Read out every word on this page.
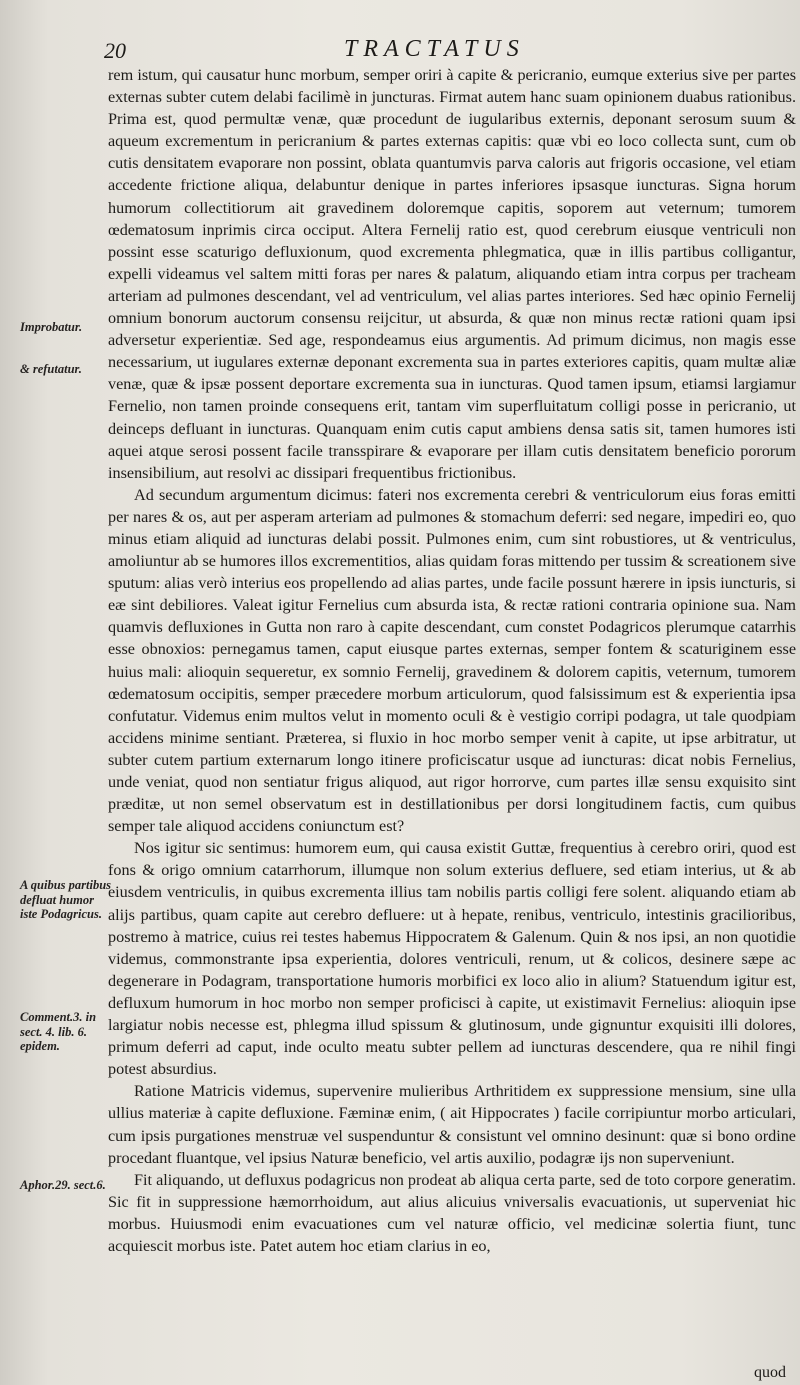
20	TRACTATUS

rem istum, qui causatur hunc morbum, semper oriri à capite & pericranio, eumque exterius sive per partes externas subter cutem delabi facilimè in juncturas. Firmat autem hanc suam opinionem duabus rationibus. Prima est, quod permultæ venæ, quæ procedunt de iugularibus externis, deponant serosum suum & aqueum excrementum in pericranium & partes externas capitis: quæ vbi eo loco collecta sunt, cum ob cutis densitatem evaporare non possint, oblata quantumvis parva caloris aut frigoris occasione, vel etiam accedente frictione aliqua, delabuntur denique in partes inferiores ipsasque iuncturas. Signa horum humorum collectitiorum ait gravedinem doloremque capitis, soporem aut veternum; tumorem œdematosum inprimis circa occiput. Altera Fernelij ratio est, quod cerebrum eiusque ventriculi non possint esse scaturigo defluxionum, quod excrementa phlegmatica, quæ in illis partibus colligantur, expelli videamus vel saltem mitti foras per nares & palatum, aliquando etiam intra corpus per tracheam arteriam ad pulmones descendant, vel ad ventriculum, vel alias partes interiores. Sed hæc opinio Fernelij omnium bonorum auctorum consensu reijcitur, ut absurda, & quæ non minus rectæ rationi quam ipsi adversetur experientiæ. Sed age, respondeamus eius argumentis. Ad primum dicimus, non magis esse necessarium, ut iugulares externæ deponant excrementa sua in partes exteriores capitis, quam multæ aliæ venæ, quæ & ipsæ possent deportare excrementa sua in iuncturas. Quod tamen ipsum, etiamsi largiamur Fernelio, non tamen proinde consequens erit, tantam vim superfluitatum colligi posse in pericranio, ut deinceps defluant in iuncturas. Quanquam enim cutis caput ambiens densa satis sit, tamen humores isti aquei atque serosi possent facile transspirare & evaporare per illam cutis densitatem beneficio pororum insensibilium, aut resolvi ac dissipari frequentibus frictionibus.

Ad secundum argumentum dicimus: fateri nos excrementa cerebri & ventriculorum eius foras emitti per nares & os, aut per asperam arteriam ad pulmones & stomachum deferri: sed negare, impediri eo, quo minus etiam aliquid ad iuncturas delabi possit. Pulmones enim, cum sint robustiores, ut & ventriculus, amoliuntur ab se humores illos excrementitios, alias quidam foras mittendo per tussim & screationem sive sputum: alias verò interius eos propellendo ad alias partes, unde facile possunt hærere in ipsis iuncturis, si eæ sint debiliores. Valeat igitur Fernelius cum absurda ista, & rectæ rationi contraria opinione sua. Nam quamvis defluxiones in Gutta non raro à capite descendant, cum constet Podagricos plerumque catarrhis esse obnoxios: pernegamus tamen, caput eiusque partes externas, semper fontem & scaturiginem esse huius mali: alioquin sequeretur, ex somnio Fernelij, gravedinem & dolorem capitis, veternum, tumorem œdematosum occipitis, semper præcedere morbum articulorum, quod falsissimum est & experientia ipsa confutatur. Videmus enim multos velut in momento oculi & è vestigio corripi podagra, ut tale quodpiam accidens minime sentiant. Præterea, si fluxio in hoc morbo semper venit à capite, ut ipse arbitratur, ut subter cutem partium externarum longo itinere proficiscatur usque ad iuncturas: dicat nobis Fernelius, unde veniat, quod non sentiatur frigus aliquod, aut rigor horrorve, cum partes illæ sensu exquisito sint præditæ, ut non semel observatum est in destillationibus per dorsi longitudinem factis, cum quibus semper tale aliquod accidens coniunctum est?

Nos igitur sic sentimus: humorem eum, qui causa existit Guttæ, frequentius à cerebro oriri, quod est fons & origo omnium catarrhorum, illumque non solum exterius defluere, sed etiam interius, ut & ab eiusdem ventriculis, in quibus excrementa illius tam nobilis partis colligi fere solent. aliquando etiam ab alijs partibus, quam capite aut cerebro defluere: ut à hepate, renibus, ventriculo, intestinis gracilioribus, postremo à matrice, cuius rei testes habemus Hippocratem & Galenum. Quin & nos ipsi, an non quotidie videmus, commonstrante ipsa experientia, dolores ventriculi, renum, ut & colicos, desinere sæpe ac degenerare in Podagram, transportatione humoris morbifici ex loco alio in alium? Statuendum igitur est, defluxum humorum in hoc morbo non semper proficisci à capite, ut existimavit Fernelius: alioquin ipse largiatur nobis necesse est, phlegma illud spissum & glutinosum, unde gignuntur exquisiti illi dolores, primum deferri ad caput, inde oculto meatu subter pellem ad iuncturas descendere, qua re nihil fingi potest absurdius.

Ratione Matricis videmus, supervenire mulieribus Arthritidem ex suppressione mensium, sine ulla ullius materiæ à capite defluxione. Fæminæ enim, ( ait Hippocrates ) facile corripiuntur morbo articulari, cum ipsis purgationes menstruæ vel suspenduntur & consistunt vel omnino desinunt: quæ si bono ordine procedant fluantque, vel ipsius Naturæ beneficio, vel artis auxilio, podagræ ijs non superveniunt.

Fit aliquando, ut defluxus podagricus non prodeat ab aliqua certa parte, sed de toto corpore generatim. Sic fit in suppressione hæmorrhoidum, aut alius alicuius vniversalis evacuationis, ut superveniat hic morbus. Huiusmodi enim evacuationes cum vel naturæ officio, vel medicinæ solertia fiunt, tunc acquiescit morbus iste. Patet autem hoc etiam clarius in eo,

Improbatur.
& refutatur.
A quibus partibus defluat humor iste Podagricus.
Comment.3. in sect. 4. lib. 6. epidem.
Aphor.29. sect.6.
quod
